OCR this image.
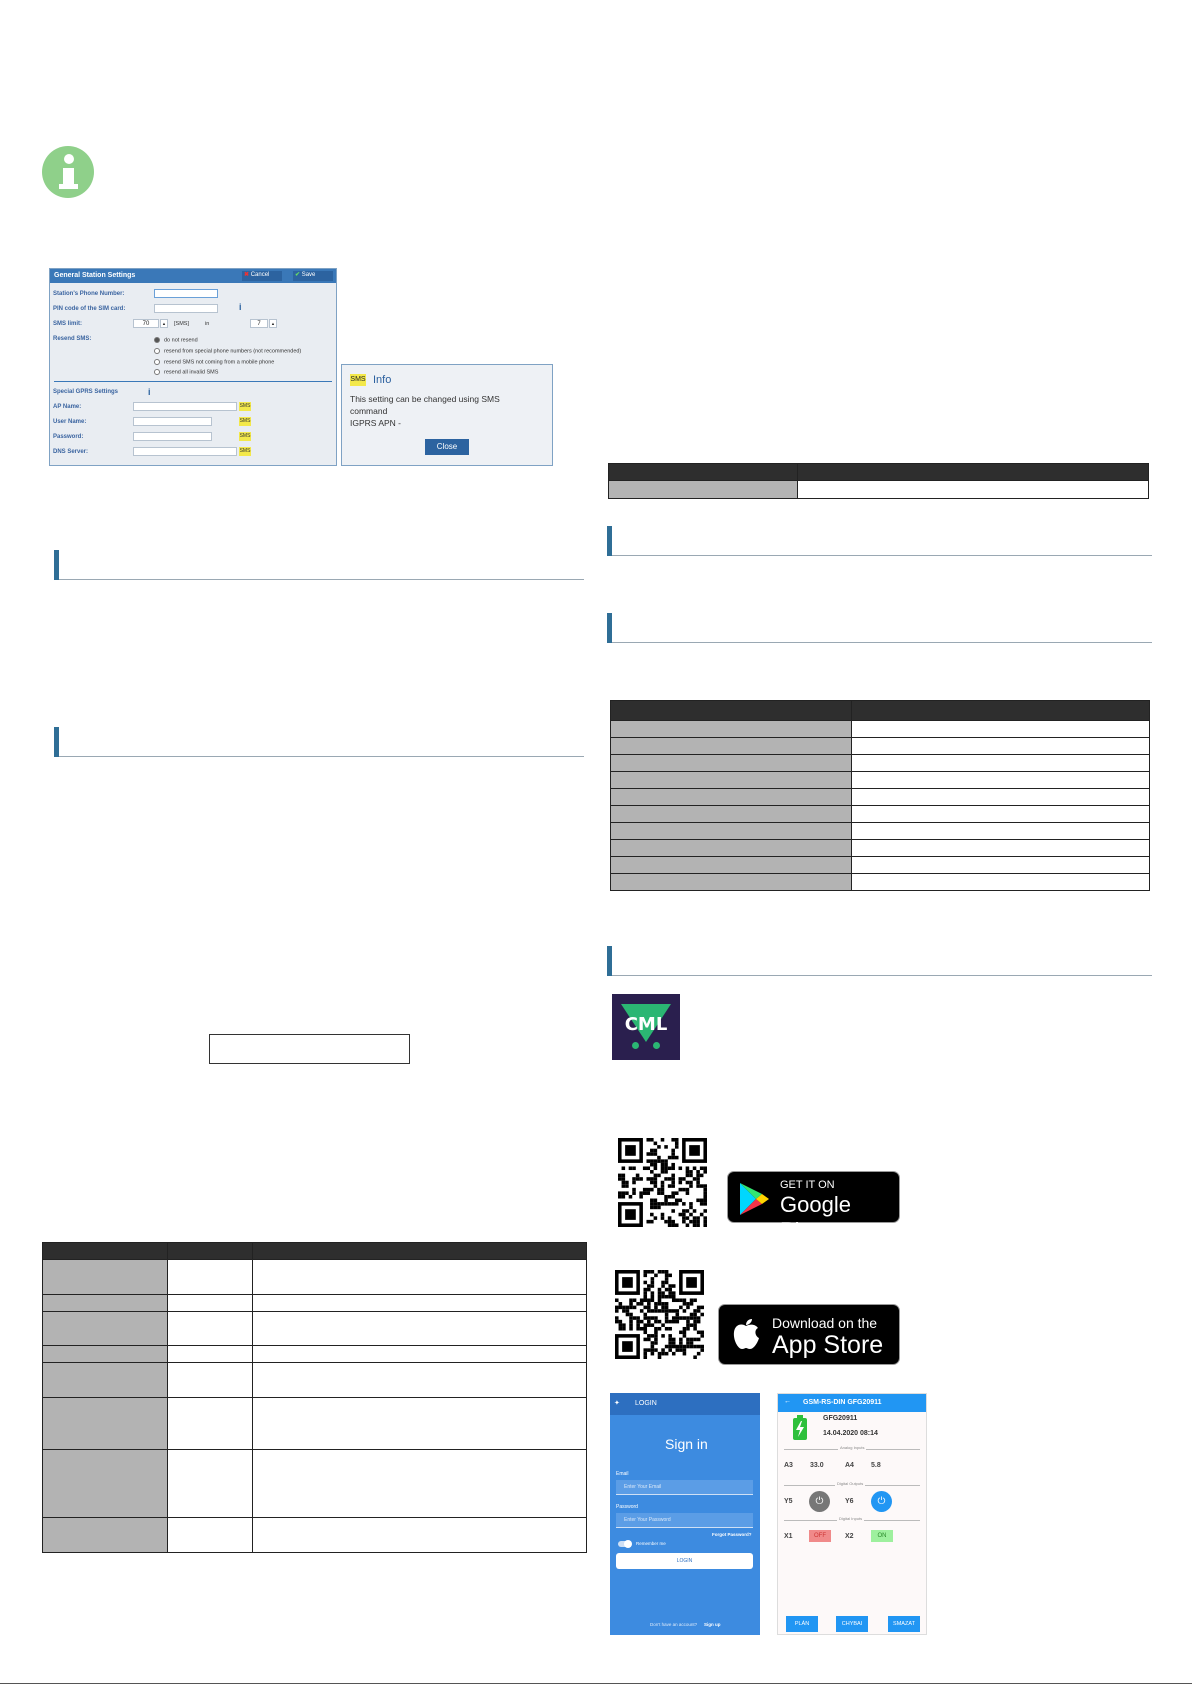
General Station Settings	✖ Cancel	✔ Save
Station's Phone Number:
PIN code of the SIM card:	i
SMS limit:	70	▲	[SMS]	in	7	▲
Resend SMS:	do not resend
resend from special phone numbers (not recommended)
resend SMS not coming from a mobile phone
resend all invalid SMS
Special GPRS Settings	i
AP Name:	SMS
User Name:	SMS
Password:	SMS
DNS Server:	SMS
SMS Info
This setting can be changed using SMS
command
IGPRS APN -
Close

CML
GET IT ON
Google Play
Download on the
App Store
✦ LOGIN
Sign in
Email
Enter Your Email
Password
Enter Your Password
Forgot Password?
Remember me
LOGIN
Don't have an account? Sign up
← GSM-RS-DIN GFG20911
GFG20911
14.04.2020 08:14
Analog Inputs
A3 33.0	A4 5.8
Digital Outputs
Y5	⏻	Y6	⏻
Digital Inputs
X1	OFF	X2	ON
PLÁN	CHYBAI	SMAZAT
